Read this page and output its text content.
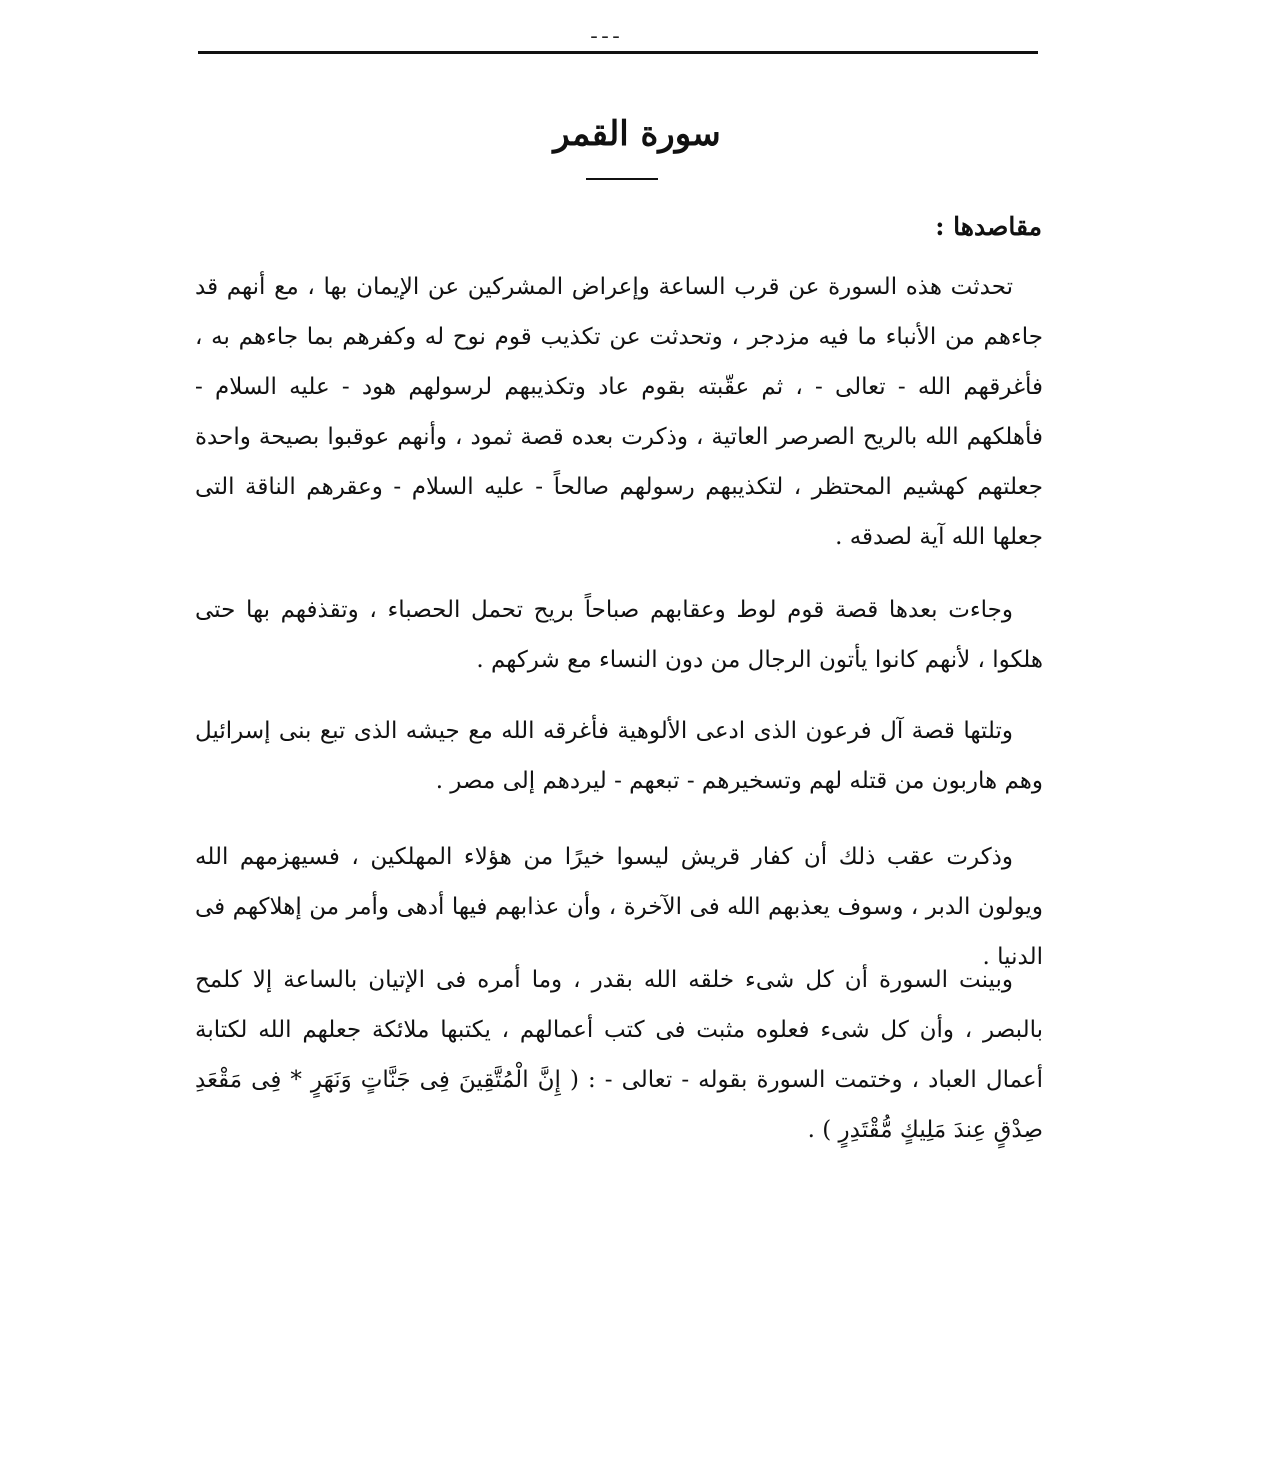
ـ ـ ـ
سورة القمر
مقاصدها :

تحدثت هذه السورة عن قرب الساعة وإعراض المشركين عن الإيمان بها ، مع أنهم قد جاءهم من الأنباء ما فيه مزدجر ، وتحدثت عن تكذيب قوم نوح له وكفرهم بما جاءهم به ، فأغرقهم الله - تعالى - ، ثم عقّبته بقوم عاد وتكذيبهم لرسولهم هود - عليه السلام - فأهلكهم الله بالريح الصرصر العاتية ، وذكرت بعده قصة ثمود ، وأنهم عوقبوا بصيحة واحدة جعلتهم كهشيم المحتظر ، لتكذيبهم رسولهم صالحاً - عليه السلام - وعقرهم الناقة التى جعلها الله آية لصدقه .

وجاءت بعدها قصة قوم لوط وعقابهم صباحاً بريح تحمل الحصباء ، وتقذفهم بها حتى هلكوا ، لأنهم كانوا يأتون الرجال من دون النساء مع شركهم .

وتلتها قصة آل فرعون الذى ادعى الألوهية فأغرقه الله مع جيشه الذى تبع بنى إسرائيل وهم هاربون من قتله لهم وتسخيرهم - تبعهم - ليردهم إلى مصر .

وذكرت عقب ذلك أن كفار قريش ليسوا خيرًا من هؤلاء المهلكين ، فسيهزمهم الله ويولون الدبر ، وسوف يعذبهم الله فى الآخرة ، وأن عذابهم فيها أدهى وأمر من إهلاكهم فى الدنيا .

وبينت السورة أن كل شىء خلقه الله بقدر ، وما أمره فى الإتيان بالساعة إلا كلمح بالبصر ، وأن كل شىء فعلوه مثبت فى كتب أعمالهم ، يكتبها ملائكة جعلهم الله لكتابة أعمال العباد ، وختمت السورة بقوله - تعالى - : ( إِنَّ الْمُتَّقِينَ فِى جَنَّاتٍ وَنَهَرٍ * فِى مَقْعَدِ صِدْقٍ عِندَ مَلِيكٍ مُّقْتَدِرٍ ) .
